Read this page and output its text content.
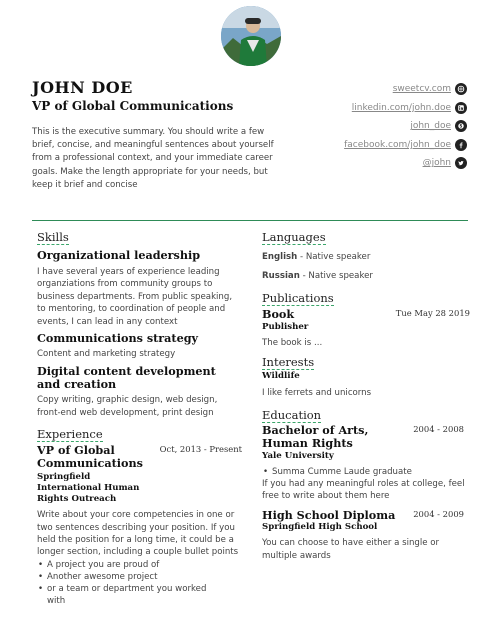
JOHN DOE
VP of Global Communications
This is the executive summary. You should write a few brief, concise, and meaningful sentences about yourself from a professional context, and your immediate career goals. Make the length appropriate for your needs, but keep it brief and concise
sweetcv.com
linkedin.com/john.doe
john_doe S
facebook.com/john_doe
@john
Skills
Organizational leadership
I have several years of experience leading organziations from community groups to business departments. From public speaking, to mentoring, to coordination of people and events, I can lead in any context
Communications strategy
Content and marketing strategy
Digital content development and creation
Copy writing, graphic design, web design, front-end web development, print design
Experience
VP of Global Communications
Oct, 2013 - Present
Springfield
International Human Rights Outreach
Write about your core competencies in one or two sentences describing your position. If you held the position for a long time, it could be a longer section, including a couple bullet points
• A project you are proud of
• Another awesome project
• or a team or department you worked with
Languages
English - Native speaker
Russian - Native speaker
Publications
Book	Tue May 28 2019
Publisher
The book is ...
Interests
Wildlife
I like ferrets and unicorns
Education
Bachelor of Arts, Human Rights
2004 - 2008
Yale University
• Summa Cumme Laude graduate
If you had any meaningful roles at college, feel free to write about them here
High School Diploma 2004 - 2009
Springfield High School
You can choose to have either a single or multiple awards
